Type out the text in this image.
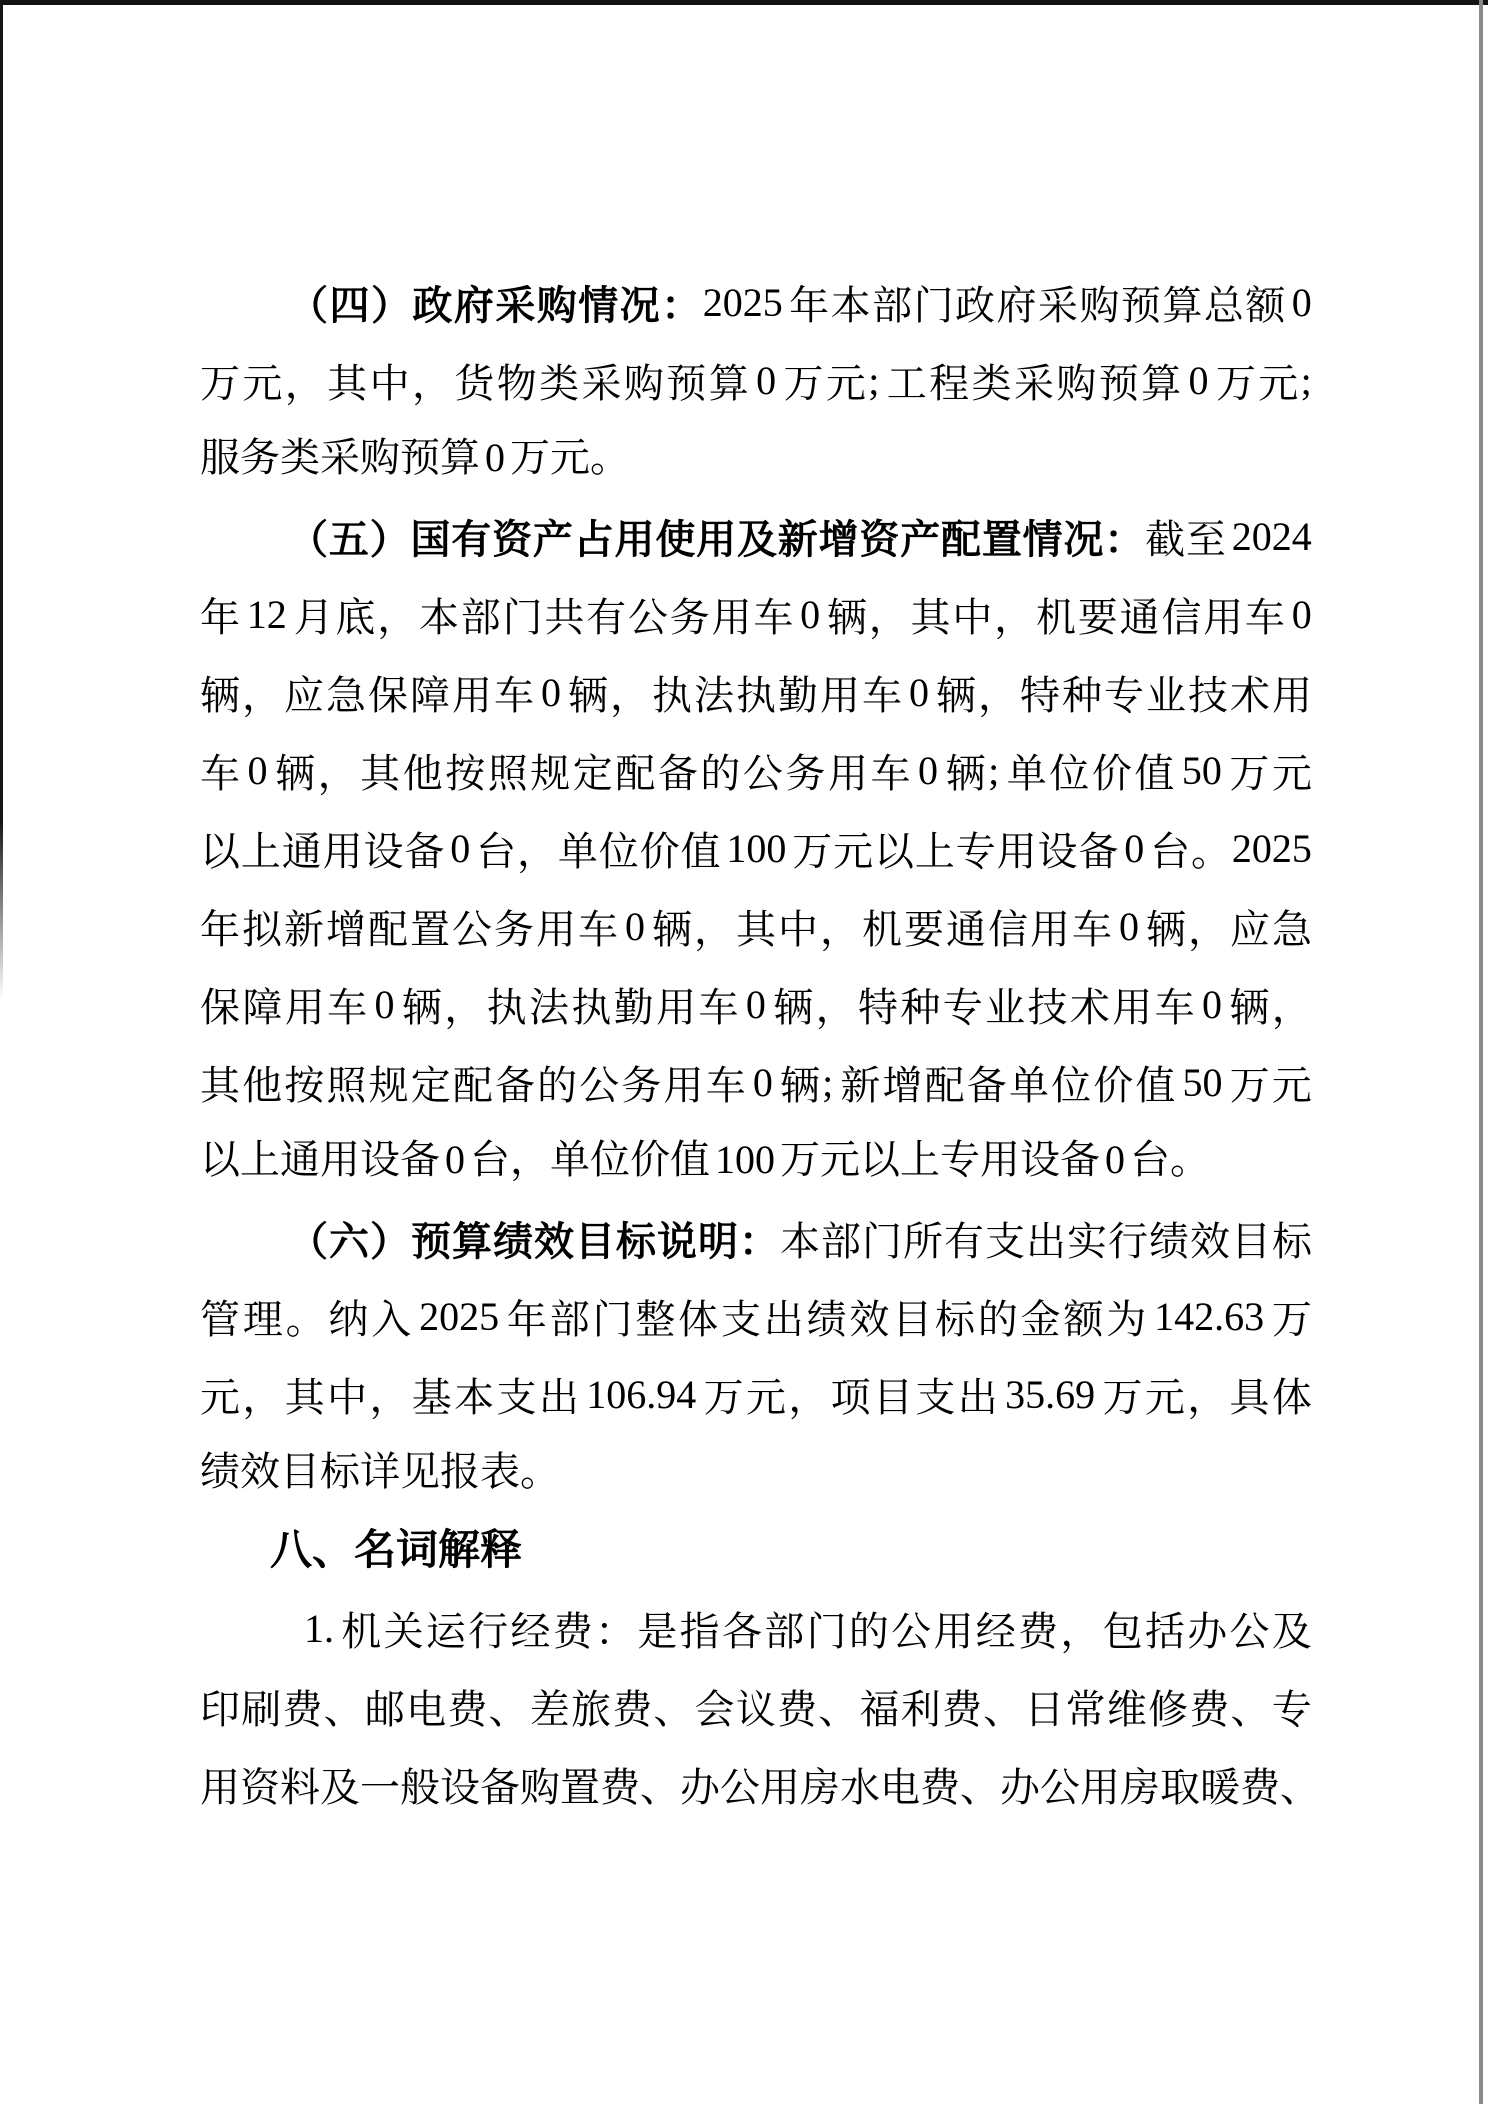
（ 四 ） 政 府 采 购 情 况 ： 2025 年 本 部 门 政 府 采 购 预 算 总 额 0
万 元 ， 其 中 ， 货 物 类 采 购 预 算 0 万 元 ; 工 程 类 采 购 预 算 0 万 元 ;
服务类采购预算 0 万元。
（ 五 ） 国 有 资 产 占 用 使 用 及 新 增 资 产 配 置 情 况 ： 截 至 2024
年 12 月 底 ， 本 部 门 共 有 公 务 用 车 0 辆 ， 其 中 ， 机 要 通 信 用 车 0
辆 ， 应 急 保 障 用 车 0 辆 ， 执 法 执 勤 用 车 0 辆 ， 特 种 专 业 技 术 用
车 0 辆 ， 其 他 按 照 规 定 配 备 的 公 务 用 车 0 辆 ; 单 位 价 值 50 万 元
以 上 通 用 设 备 0 台 ， 单 位 价 值 100 万 元 以 上 专 用 设 备 0 台 。 2025
年 拟 新 增 配 置 公 务 用 车 0 辆 ， 其 中 ， 机 要 通 信 用 车 0 辆 ， 应 急
保 障 用 车 0 辆 ， 执 法 执 勤 用 车 0 辆 ， 特 种 专 业 技 术 用 车 0 辆 ，
其 他 按 照 规 定 配 备 的 公 务 用 车 0 辆 ; 新 增 配 备 单 位 价 值 50 万 元
以上通用设备 0 台，单位价值 100 万元以上专用设备 0 台。
（ 六 ） 预 算 绩 效 目 标 说 明 ： 本 部 门 所 有 支 出 实 行 绩 效 目 标
管 理 。 纳 入 2025 年 部 门 整 体 支 出 绩 效 目 标 的 金 额 为 142.63 万
元 ， 其 中 ， 基 本 支 出 106.94 万 元 ， 项 目 支 出 35.69 万 元 ， 具 体
绩效目标详见报表。
八、名词解释
1. 机 关 运 行 经 费 ： 是 指 各 部 门 的 公 用 经 费 ， 包 括 办 公 及
印 刷 费 、 邮 电 费 、 差 旅 费 、 会 议 费 、 福 利 费 、 日 常 维 修 费 、 专
用 资 料 及 一 般 设 备 购 置 费 、 办 公 用 房 水 电 费 、 办 公 用 房 取 暖 费 、
